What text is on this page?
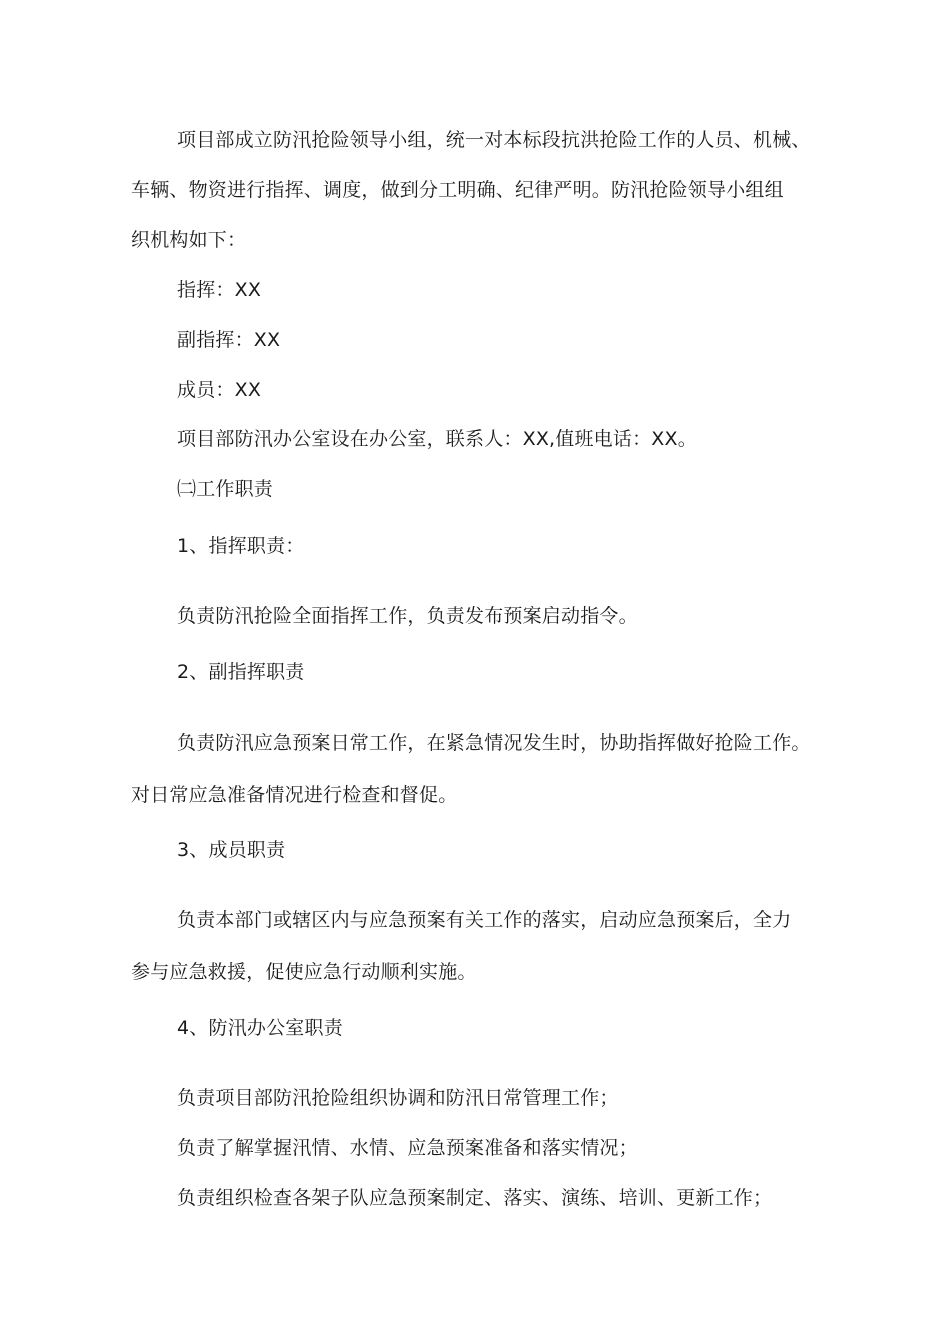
项目部成立防汛抢险领导小组，统一对本标段抗洪抢险工作的人员、机械、
车辆、物资进行指挥、调度，做到分工明确、纪律严明。防汛抢险领导小组组
织机构如下：
指挥：XX
副指挥：XX
成员：XX
项目部防汛办公室设在办公室，联系人：XX,值班电话：XX。
㈡工作职责
1、指挥职责：
负责防汛抢险全面指挥工作，负责发布预案启动指令。
2、副指挥职责
负责防汛应急预案日常工作，在紧急情况发生时，协助指挥做好抢险工作。
对日常应急准备情况进行检查和督促。
3、成员职责
负责本部门或辖区内与应急预案有关工作的落实，启动应急预案后，全力
参与应急救援，促使应急行动顺利实施。
4、防汛办公室职责
负责项目部防汛抢险组织协调和防汛日常管理工作；
负责了解掌握汛情、水情、应急预案准备和落实情况；
负责组织检查各架子队应急预案制定、落实、演练、培训、更新工作；
